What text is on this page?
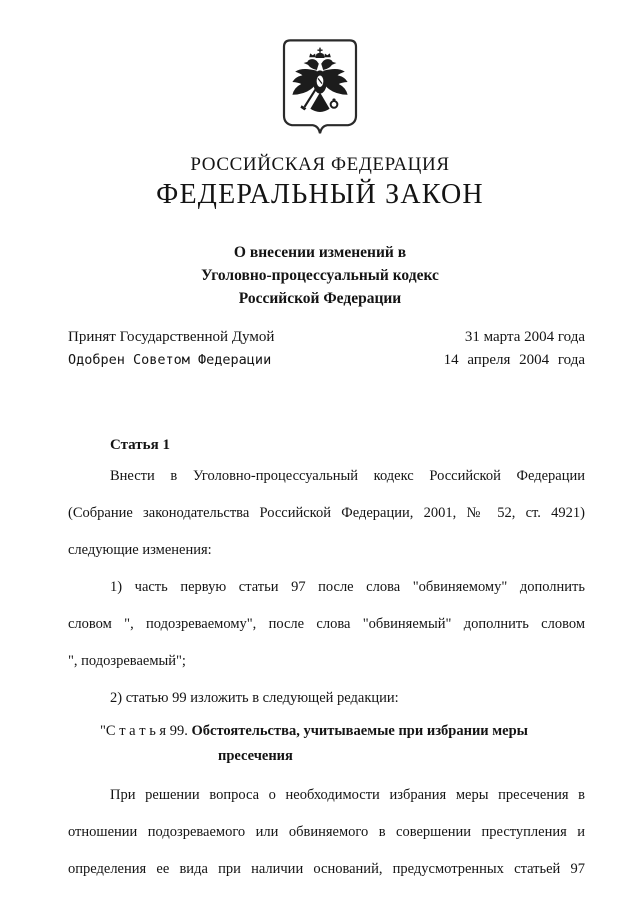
РОССИЙСКАЯ ФЕДЕРАЦИЯ
ФЕДЕРАЛЬНЫЙ ЗАКОН
О внесении изменений в
Уголовно-процессуальный кодекс
Российской Федерации
Принят Государственной Думой	31 марта 2004 года
Одобрен Советом Федерации	14 апреля 2004 года
Статья 1
Внести в Уголовно-процессуальный кодекс Российской Федерации
(Собрание законодательства Российской Федерации, 2001, № 52, ст. 4921)
следующие изменения:
1) часть первую статьи 97 после слова "обвиняемому" дополнить
словом ", подозреваемому", после слова "обвиняемый" дополнить словом
", подозреваемый";
2) статью 99 изложить в следующей редакции:
"С т а т ь я 99. Обстоятельства, учитываемые при избрании меры
пресечения
При решении вопроса о необходимости избрания меры пресечения в
отношении подозреваемого или обвиняемого в совершении преступления и
определения ее вида при наличии оснований, предусмотренных статьей 97
